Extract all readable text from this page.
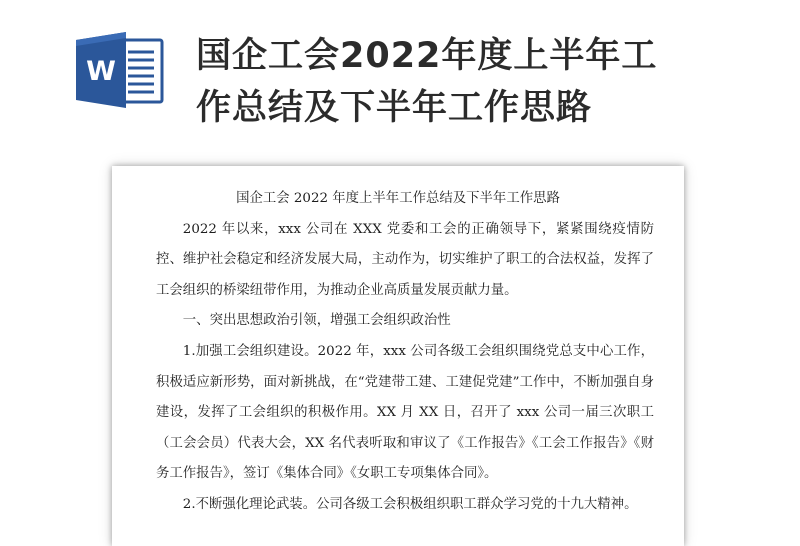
W 国企工会2022年度上半年工
作总结及下半年工作思路

国企工会 2022 年度上半年工作总结及下半年工作思路

2022 年以来，xxx 公司在 XXX 党委和工会的正确领导下，紧紧围绕疫情防控、维护社会稳定和经济发展大局，主动作为，切实维护了职工的合法权益，发挥了工会组织的桥梁纽带作用，为推动企业高质量发展贡献力量。

一、突出思想政治引领，增强工会组织政治性

1.加强工会组织建设。2022 年，xxx 公司各级工会组织围绕党总支中心工作，积极适应新形势，面对新挑战，在“党建带工建、工建促党建”工作中，不断加强自身建设，发挥了工会组织的积极作用。XX 月 XX 日，召开了 xxx 公司一届三次职工（工会会员）代表大会，XX 名代表听取和审议了《工作报告》《工会工作报告》《财务工作报告》，签订《集体合同》《女职工专项集体合同》。

2.不断强化理论武装。公司各级工会积极组织职工群众学习党的十九大精神。
